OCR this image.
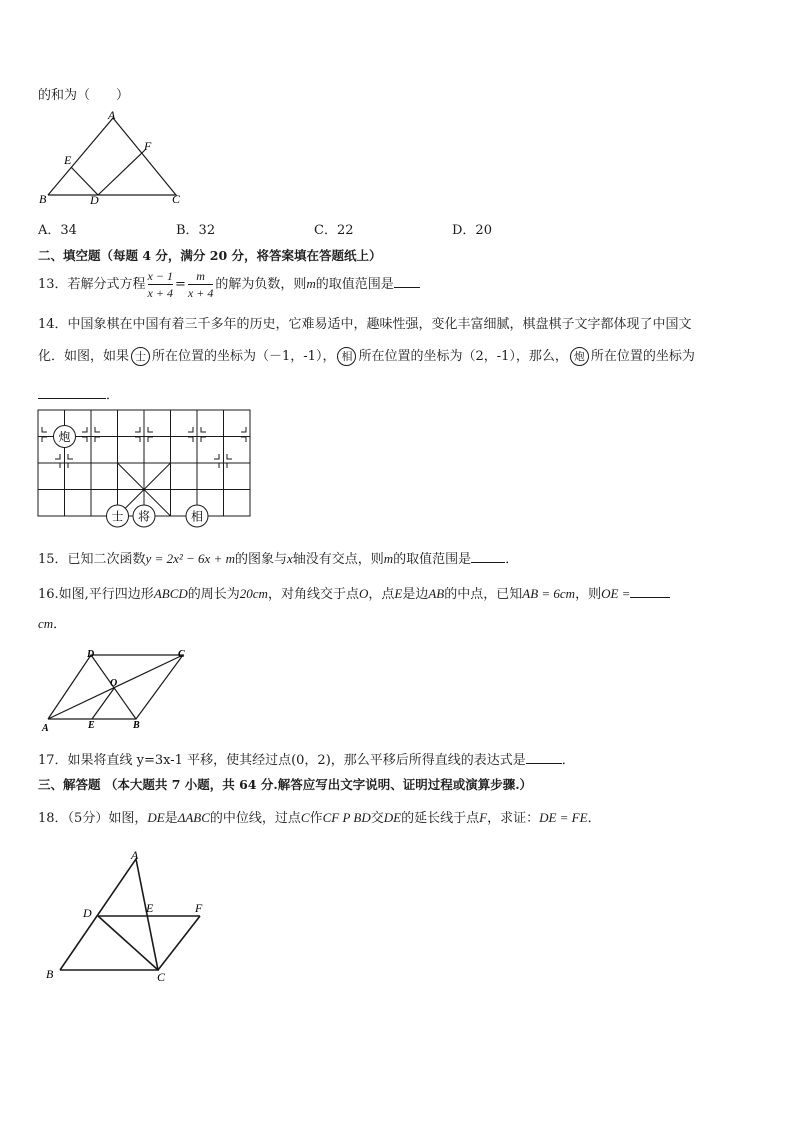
的和为（　　）
A
B	C
D
E
F
A．34	B．32	C．22	D．20
二、填空题（每题 4 分，满分 20 分，将答案填在答题纸上）
13．若解分式方程 $\frac{x - 1}{x + 4} = \frac{m}{x + 4}$ 的解为负数，则m的取值范围是
14．中国象棋在中国有着三千多年的历史，它难易适中，趣味性强，变化丰富细腻，棋盘棋子文字都体现了中国文
化．如图，如果 士 所在位置的坐标为（－1，-1）， 相 所在位置的坐标为（2，-1），那么， 炮 所在位置的坐标为
．
炮
士 将	相
15．已知二次函数y = 2x² − 6x + m的图象与x轴没有交点，则m的取值范围是	．
16.如图,平行四边形ABCD的周长为20cm，对角线交于点O，点E是边AB的中点，已知AB = 6cm，则OE =
cm．
D	C
A	E	B
O
17．如果将直线 y=3x-1 平移，使其经过点(0，2)，那么平移后所得直线的表达式是	．
三、解答题 （本大题共 7 小题，共 64 分.解答应写出文字说明、证明过程或演算步骤.）
18．（5分）如图，DE是ΔABC的中位线，过点C作CF P BD交DE的延长线于点F，求证：DE = FE．
A
B	C
D	E	F
